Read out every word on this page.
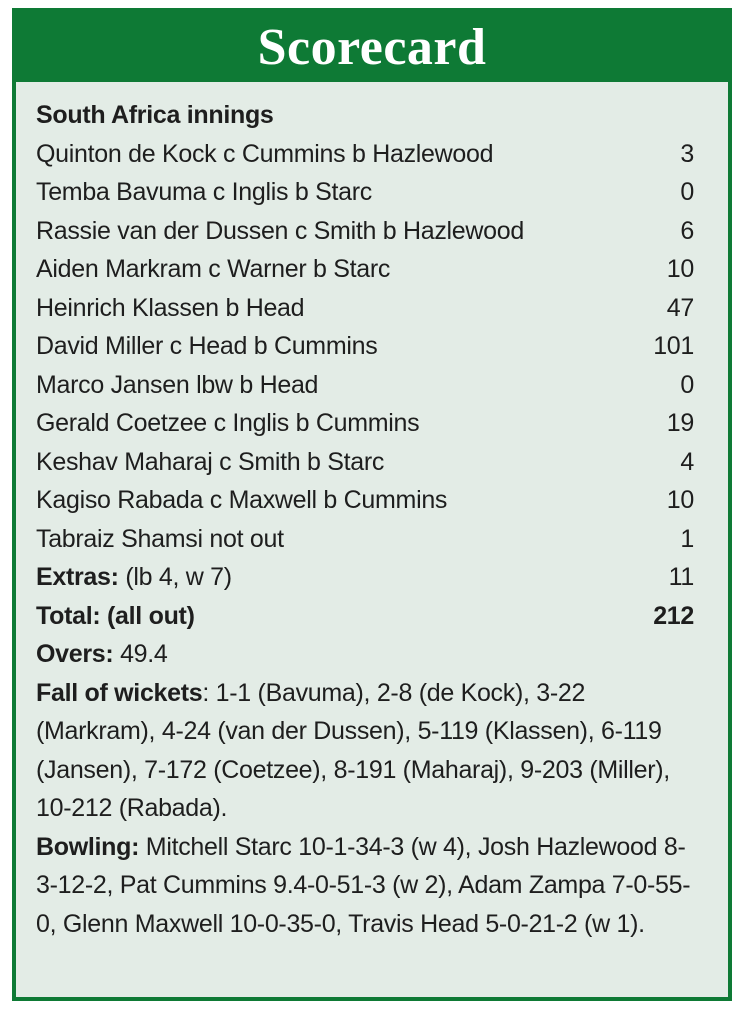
Scorecard
South Africa innings
Quinton de Kock c Cummins b Hazlewood	3
Temba Bavuma c Inglis b Starc	0
Rassie van der Dussen c Smith b Hazlewood	6
Aiden Markram c Warner b Starc	10
Heinrich Klassen b Head	47
David Miller c Head b Cummins	101
Marco Jansen lbw b Head	0
Gerald Coetzee c Inglis b Cummins	19
Keshav Maharaj c Smith b Starc	4
Kagiso Rabada c Maxwell b Cummins	10
Tabraiz Shamsi not out	1
Extras: (lb 4, w 7)	11
Total: (all out)	212
Overs: 49.4
Fall of wickets: 1-1 (Bavuma), 2-8 (de Kock), 3-22 (Markram), 4-24 (van der Dussen), 5-119 (Klassen), 6-119 (Jansen), 7-172 (Coetzee), 8-191 (Maharaj), 9-203 (Miller), 10-212 (Rabada).
Bowling: Mitchell Starc 10-1-34-3 (w 4), Josh Hazlewood 8-3-12-2, Pat Cummins 9.4-0-51-3 (w 2), Adam Zampa 7-0-55-0, Glenn Maxwell 10-0-35-0, Travis Head 5-0-21-2 (w 1).
